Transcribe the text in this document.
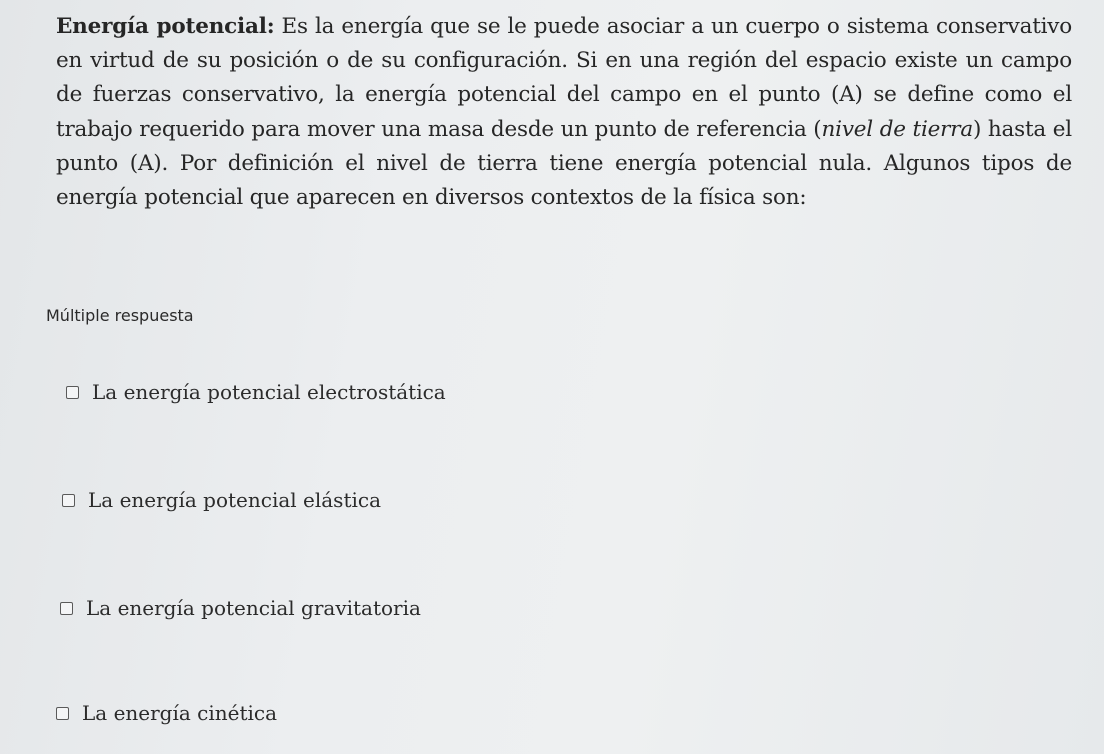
Energía potencial: Es la energía que se le puede asociar a un cuerpo o sistema conservativo en virtud de su posición o de su configuración. Si en una región del espacio existe un campo de fuerzas conservativo, la energía potencial del campo en el punto (A) se define como el trabajo requerido para mover una masa desde un punto de referencia (nivel de tierra) hasta el punto (A). Por definición el nivel de tierra tiene energía potencial nula. Algunos tipos de energía potencial que aparecen en diversos contextos de la física son:
Múltiple respuesta
La energía potencial electrostática
La energía potencial elástica
La energía potencial gravitatoria
La energía cinética
